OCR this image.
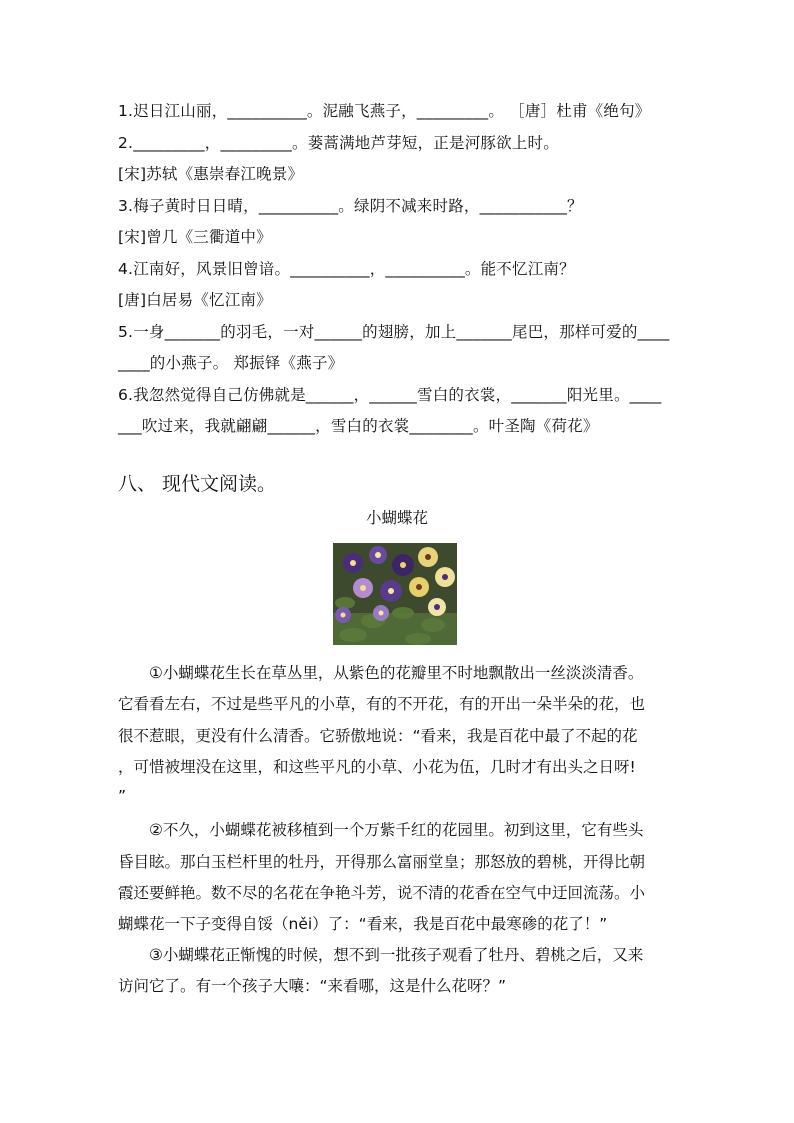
1.迟日江山丽，__________。泥融飞燕子，_________。 ［唐］杜甫《绝句》
2._________，_________。蒌蒿满地芦芽短，正是河豚欲上时。
[宋]苏轼《惠崇春江晚景》
3.梅子黄时日日晴，__________。绿阴不减来时路，___________？
[宋]曾几《三衢道中》
4.江南好，风景旧曾谙。__________，__________。能不忆江南？
[唐]白居易《忆江南》
5.一身_______的羽毛，一对______的翅膀，加上_______尾巴，那样可爱的____
____的小燕子。 郑振铎《燕子》
6.我忽然觉得自己仿佛就是______，______雪白的衣裳，_______阳光里。____
___吹过来，我就翩翩______，雪白的衣裳________。叶圣陶《荷花》
八、 现代文阅读。
小蝴蝶花
　　①小蝴蝶花生长在草丛里，从紫色的花瓣里不时地飘散出一丝淡淡清香。
它看看左右，不过是些平凡的小草，有的不开花，有的开出一朵半朵的花，也
很不惹眼，更没有什么清香。它骄傲地说：“看来，我是百花中最了不起的花
，可惜被埋没在这里，和这些平凡的小草、小花为伍，几时才有出头之日呀!
”
　　②不久，小蝴蝶花被移植到一个万紫千红的花园里。初到这里，它有些头
昏目眩。那白玉栏杆里的牡丹，开得那么富丽堂皇；那怒放的碧桃，开得比朝
霞还要鲜艳。数不尽的名花在争艳斗芳，说不清的花香在空气中迂回流荡。小
蝴蝶花一下子变得自馁（něi）了：“看来，我是百花中最寒碜的花了！”
　　③小蝴蝶花正惭愧的时候，想不到一批孩子观看了牡丹、碧桃之后，又来
访问它了。有一个孩子大嚷：“来看哪，这是什么花呀？”
